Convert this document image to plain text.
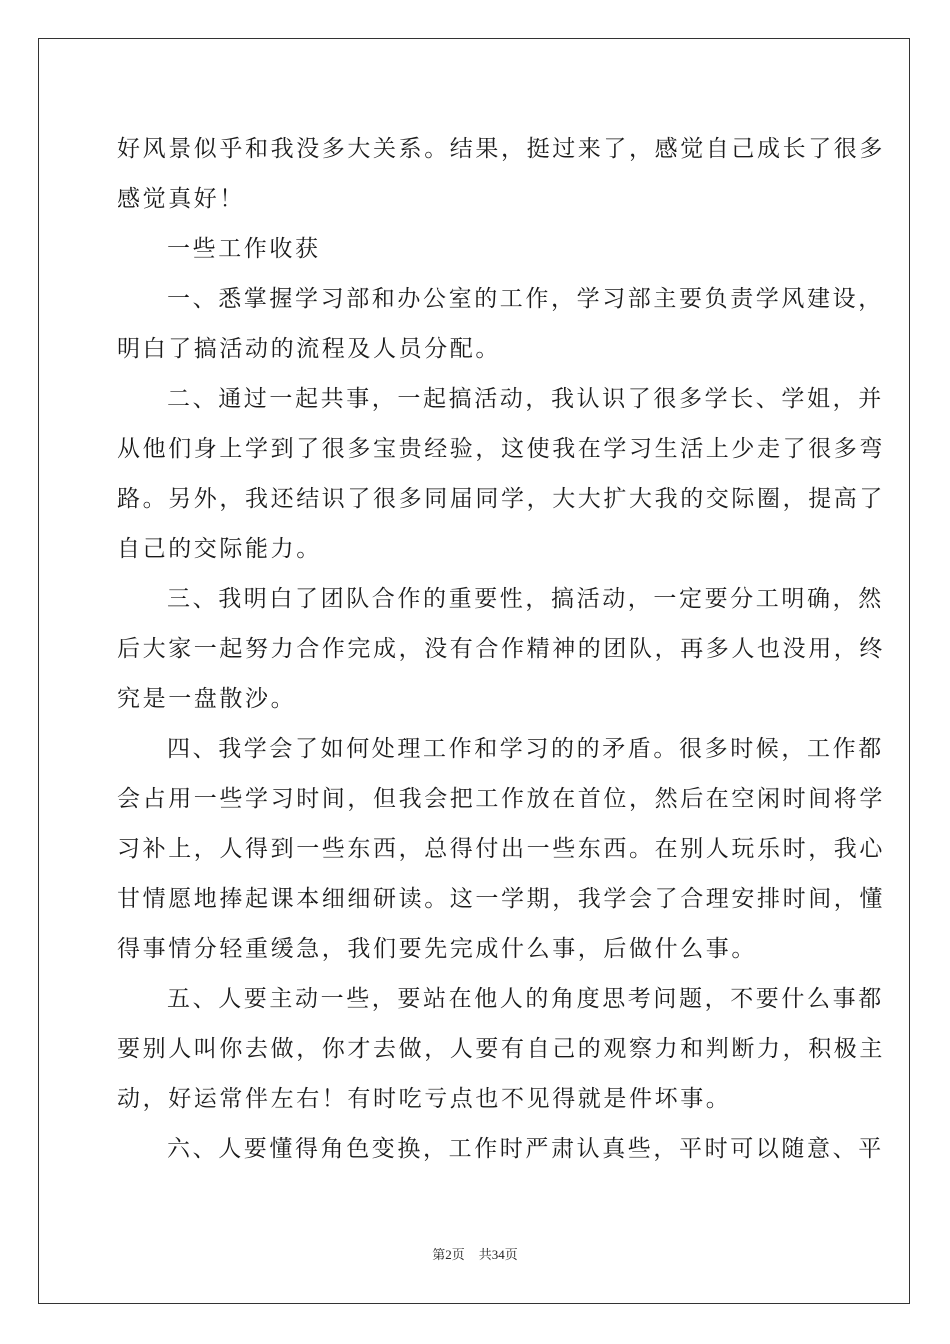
好风景似乎和我没多大关系。结果，挺过来了，感觉自己成长了很多
感觉真好！
一些工作收获
一、悉掌握学习部和办公室的工作，学习部主要负责学风建设，
明白了搞活动的流程及人员分配。
二、通过一起共事，一起搞活动，我认识了很多学长、学姐，并
从他们身上学到了很多宝贵经验，这使我在学习生活上少走了很多弯
路。另外，我还结识了很多同届同学，大大扩大我的交际圈，提高了
自己的交际能力。
三、我明白了团队合作的重要性，搞活动，一定要分工明确，然
后大家一起努力合作完成，没有合作精神的团队，再多人也没用，终
究是一盘散沙。
四、我学会了如何处理工作和学习的的矛盾。很多时候，工作都
会占用一些学习时间，但我会把工作放在首位，然后在空闲时间将学
习补上，人得到一些东西，总得付出一些东西。在别人玩乐时，我心
甘情愿地捧起课本细细研读。这一学期，我学会了合理安排时间，懂
得事情分轻重缓急，我们要先完成什么事，后做什么事。
五、人要主动一些，要站在他人的角度思考问题，不要什么事都
要别人叫你去做，你才去做，人要有自己的观察力和判断力，积极主
动，好运常伴左右！有时吃亏点也不见得就是件坏事。
六、人要懂得角色变换，工作时严肃认真些，平时可以随意、平
第2页 共34页
